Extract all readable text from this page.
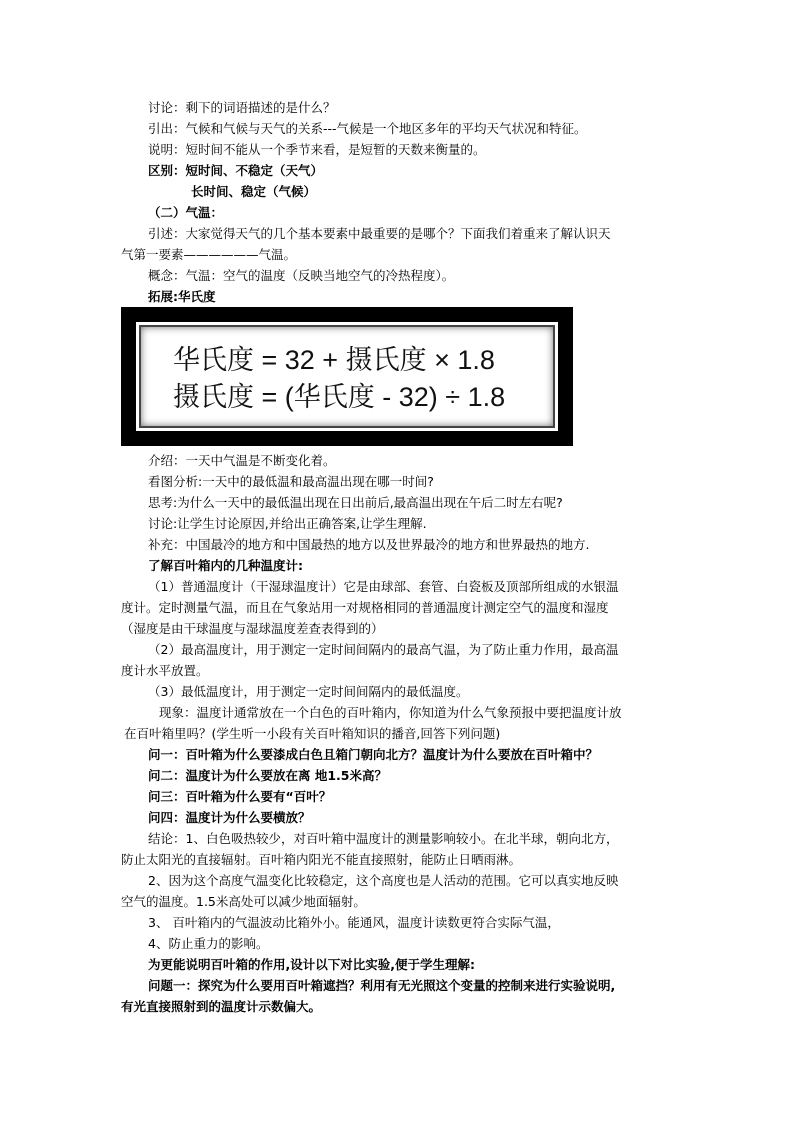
讨论：剩下的词语描述的是什么？
引出：气候和气候与天气的关系---气候是一个地区多年的平均天气状况和特征。
说明：短时间不能从一个季节来看，是短暂的天数来衡量的。
区别：短时间、不稳定（天气）
长时间、稳定（气候）
（二）气温：
引述：大家觉得天气的几个基本要素中最重要的是哪个？下面我们着重来了解认识天
气第一要素——————气温。
概念：气温：空气的温度（反映当地空气的冷热程度）。
拓展:华氏度
华氏度 = 32 + 摄氏度 × 1.8
摄氏度 = (华氏度 - 32) ÷ 1.8
介绍：一天中气温是不断变化着。
看图分析:一天中的最低温和最高温出现在哪一时间?
思考:为什么一天中的最低温出现在日出前后,最高温出现在午后二时左右呢?
讨论:让学生讨论原因,并给出正确答案,让学生理解.
补充：中国最冷的地方和中国最热的地方以及世界最冷的地方和世界最热的地方.
了解百叶箱内的几种温度计:
（1）普通温度计（干湿球温度计）它是由球部、套管、白瓷板及顶部所组成的水银温
度计。定时测量气温，而且在气象站用一对规格相同的普通温度计测定空气的温度和湿度
（湿度是由干球温度与湿球温度差查表得到的）
（2）最高温度计，用于测定一定时间间隔内的最高气温，为了防止重力作用，最高温
度计水平放置。
（3）最低温度计，用于测定一定时间间隔内的最低温度。
现象：温度计通常放在一个白色的百叶箱内，你知道为什么气象预报中要把温度计放
在百叶箱里吗？(学生听一小段有关百叶箱知识的播音,回答下列问题)
问一：百叶箱为什么要漆成白色且箱门朝向北方？温度计为什么要放在百叶箱中？
问二：温度计为什么要放在离 地1.5米高？
问三：百叶箱为什么要有“百叶？
问四：温度计为什么要横放？
结论：1、白色吸热较少，对百叶箱中温度计的测量影响较小。在北半球，朝向北方，
防止太阳光的直接辐射。百叶箱内阳光不能直接照射，能防止日晒雨淋。
2、因为这个高度气温变化比较稳定，这个高度也是人活动的范围。它可以真实地反映
空气的温度。1.5米高处可以减少地面辐射。
3、 百叶箱内的气温波动比箱外小。能通风，温度计读数更符合实际气温，
4、防止重力的影响。
为更能说明百叶箱的作用,设计以下对比实验,便于学生理解:
问题一：探究为什么要用百叶箱遮挡？利用有无光照这个变量的控制来进行实验说明,
有光直接照射到的温度计示数偏大。
